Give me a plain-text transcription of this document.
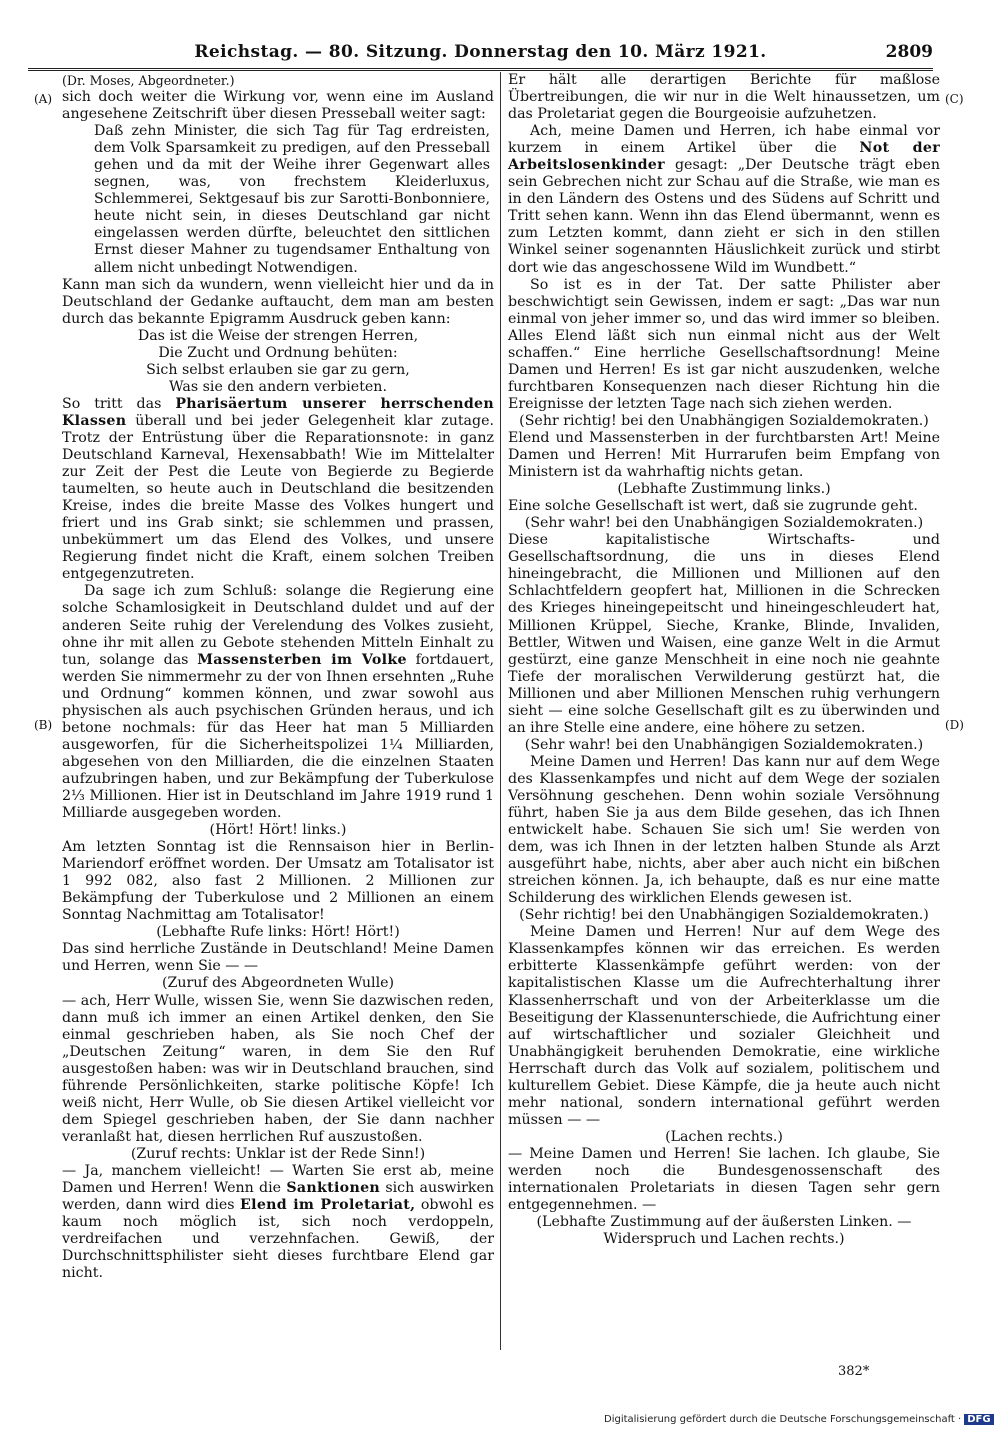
Reichstag. — 80. Sitzung. Donnerstag den 10. März 1921.	2809
(A)
(B)
(C)
(D)

(Dr. Moses, Abgeordneter.)

sich doch weiter die Wirkung vor, wenn eine im Ausland angesehene Zeitschrift über diesen Presseball weiter sagt:

Daß zehn Minister, die sich Tag für Tag erdreisten, dem Volk Sparsamkeit zu predigen, auf den Presseball gehen und da mit der Weihe ihrer Gegenwart alles segnen, was, von frechstem Kleiderluxus, Schlemmerei, Sektgesauf bis zur Sarotti-Bonbonniere, heute nicht sein, in dieses Deutschland gar nicht eingelassen werden dürfte, beleuchtet den sittlichen Ernst dieser Mahner zu tugendsamer Enthaltung von allem nicht unbedingt Notwendigen.

Kann man sich da wundern, wenn vielleicht hier und da in Deutschland der Gedanke auftaucht, dem man am besten durch das bekannte Epigramm Ausdruck geben kann:

Das ist die Weise der strengen Herren,

Die Zucht und Ordnung behüten:

Sich selbst erlauben sie gar zu gern,

Was sie den andern verbieten.

So tritt das Pharisäertum unserer herrschenden Klassen überall und bei jeder Gelegenheit klar zutage. Trotz der Entrüstung über die Reparationsnote: in ganz Deutschland Karneval, Hexensabbath! Wie im Mittelalter zur Zeit der Pest die Leute von Begierde zu Begierde taumelten, so heute auch in Deutschland die besitzenden Kreise, indes die breite Masse des Volkes hungert und friert und ins Grab sinkt; sie schlemmen und prassen, unbekümmert um das Elend des Volkes, und unsere Regierung findet nicht die Kraft, einem solchen Treiben entgegenzutreten.

Da sage ich zum Schluß: solange die Regierung eine solche Schamlosigkeit in Deutschland duldet und auf der anderen Seite ruhig der Verelendung des Volkes zusieht, ohne ihr mit allen zu Gebote stehenden Mitteln Einhalt zu tun, solange das Massensterben im Volke fortdauert, werden Sie nimmermehr zu der von Ihnen ersehnten „Ruhe und Ordnung“ kommen können, und zwar sowohl aus physischen als auch psychischen Gründen heraus, und ich betone nochmals: für das Heer hat man 5 Milliarden ausgeworfen, für die Sicherheitspolizei 1¼ Milliarden, abgesehen von den Milliarden, die die einzelnen Staaten aufzubringen haben, und zur Bekämpfung der Tuberkulose 2⅓ Millionen. Hier ist in Deutschland im Jahre 1919 rund 1 Milliarde ausgegeben worden.

(Hört! Hört! links.)

Am letzten Sonntag ist die Rennsaison hier in Berlin-Mariendorf eröffnet worden. Der Umsatz am Totalisator ist 1 992 082, also fast 2 Millionen. 2 Millionen zur Bekämpfung der Tuberkulose und 2 Millionen an einem Sonntag Nachmittag am Totalisator!

(Lebhafte Rufe links: Hört! Hört!)

Das sind herrliche Zustände in Deutschland! Meine Damen und Herren, wenn Sie — —

(Zuruf des Abgeordneten Wulle)

— ach, Herr Wulle, wissen Sie, wenn Sie dazwischen reden, dann muß ich immer an einen Artikel denken, den Sie einmal geschrieben haben, als Sie noch Chef der „Deutschen Zeitung“ waren, in dem Sie den Ruf ausgestoßen haben: was wir in Deutschland brauchen, sind führende Persönlichkeiten, starke politische Köpfe! Ich weiß nicht, Herr Wulle, ob Sie diesen Artikel vielleicht vor dem Spiegel geschrieben haben, der Sie dann nachher veranlaßt hat, diesen herrlichen Ruf auszustoßen.

(Zuruf rechts: Unklar ist der Rede Sinn!)

— Ja, manchem vielleicht! — Warten Sie erst ab, meine Damen und Herren! Wenn die Sanktionen sich auswirken werden, dann wird dies Elend im Proletariat, obwohl es kaum noch möglich ist, sich noch verdoppeln, verdreifachen und verzehnfachen. Gewiß, der Durchschnittsphilister sieht dieses furchtbare Elend gar nicht.

Er hält alle derartigen Berichte für maßlose Übertreibungen, die wir nur in die Welt hinaussetzen, um das Proletariat gegen die Bourgeoisie aufzuhetzen.

Ach, meine Damen und Herren, ich habe einmal vor kurzem in einem Artikel über die Not der Arbeitslosenkinder gesagt: „Der Deutsche trägt eben sein Gebrechen nicht zur Schau auf die Straße, wie man es in den Ländern des Ostens und des Südens auf Schritt und Tritt sehen kann. Wenn ihn das Elend übermannt, wenn es zum Letzten kommt, dann zieht er sich in den stillen Winkel seiner sogenannten Häuslichkeit zurück und stirbt dort wie das angeschossene Wild im Wundbett.“

So ist es in der Tat. Der satte Philister aber beschwichtigt sein Gewissen, indem er sagt: „Das war nun einmal von jeher immer so, und das wird immer so bleiben. Alles Elend läßt sich nun einmal nicht aus der Welt schaffen.“ Eine herrliche Gesellschaftsordnung! Meine Damen und Herren! Es ist gar nicht auszudenken, welche furchtbaren Konsequenzen nach dieser Richtung hin die Ereignisse der letzten Tage nach sich ziehen werden.

(Sehr richtig! bei den Unabhängigen Sozialdemokraten.)

Elend und Massensterben in der furchtbarsten Art! Meine Damen und Herren! Mit Hurrarufen beim Empfang von Ministern ist da wahrhaftig nichts getan.

(Lebhafte Zustimmung links.)

Eine solche Gesellschaft ist wert, daß sie zugrunde geht.

(Sehr wahr! bei den Unabhängigen Sozialdemokraten.)

Diese kapitalistische Wirtschafts- und Gesellschaftsordnung, die uns in dieses Elend hineingebracht, die Millionen und Millionen auf den Schlachtfeldern geopfert hat, Millionen in die Schrecken des Krieges hineingepeitscht und hineingeschleudert hat, Millionen Krüppel, Sieche, Kranke, Blinde, Invaliden, Bettler, Witwen und Waisen, eine ganze Welt in die Armut gestürzt, eine ganze Menschheit in eine noch nie geahnte Tiefe der moralischen Verwilderung gestürzt hat, die Millionen und aber Millionen Menschen ruhig verhungern sieht — eine solche Gesellschaft gilt es zu überwinden und an ihre Stelle eine andere, eine höhere zu setzen.

(Sehr wahr! bei den Unabhängigen Sozialdemokraten.)

Meine Damen und Herren! Das kann nur auf dem Wege des Klassenkampfes und nicht auf dem Wege der sozialen Versöhnung geschehen. Denn wohin soziale Versöhnung führt, haben Sie ja aus dem Bilde gesehen, das ich Ihnen entwickelt habe. Schauen Sie sich um! Sie werden von dem, was ich Ihnen in der letzten halben Stunde als Arzt ausgeführt habe, nichts, aber aber auch nicht ein bißchen streichen können. Ja, ich behaupte, daß es nur eine matte Schilderung des wirklichen Elends gewesen ist.

(Sehr richtig! bei den Unabhängigen Sozialdemokraten.)

Meine Damen und Herren! Nur auf dem Wege des Klassenkampfes können wir das erreichen. Es werden erbitterte Klassenkämpfe geführt werden: von der kapitalistischen Klasse um die Aufrechterhaltung ihrer Klassenherrschaft und von der Arbeiterklasse um die Beseitigung der Klassenunterschiede, die Aufrichtung einer auf wirtschaftlicher und sozialer Gleichheit und Unabhängigkeit beruhenden Demokratie, eine wirkliche Herrschaft durch das Volk auf sozialem, politischem und kulturellem Gebiet. Diese Kämpfe, die ja heute auch nicht mehr national, sondern international geführt werden müssen — —

(Lachen rechts.)

— Meine Damen und Herren! Sie lachen. Ich glaube, Sie werden noch die Bundesgenossenschaft des internationalen Proletariats in diesen Tagen sehr gern entgegennehmen. —

(Lebhafte Zustimmung auf der äußersten Linken. — Widerspruch und Lachen rechts.)

382*
Digitalisierung gefördert durch die Deutsche Forschungsgemeinschaft · DFG
